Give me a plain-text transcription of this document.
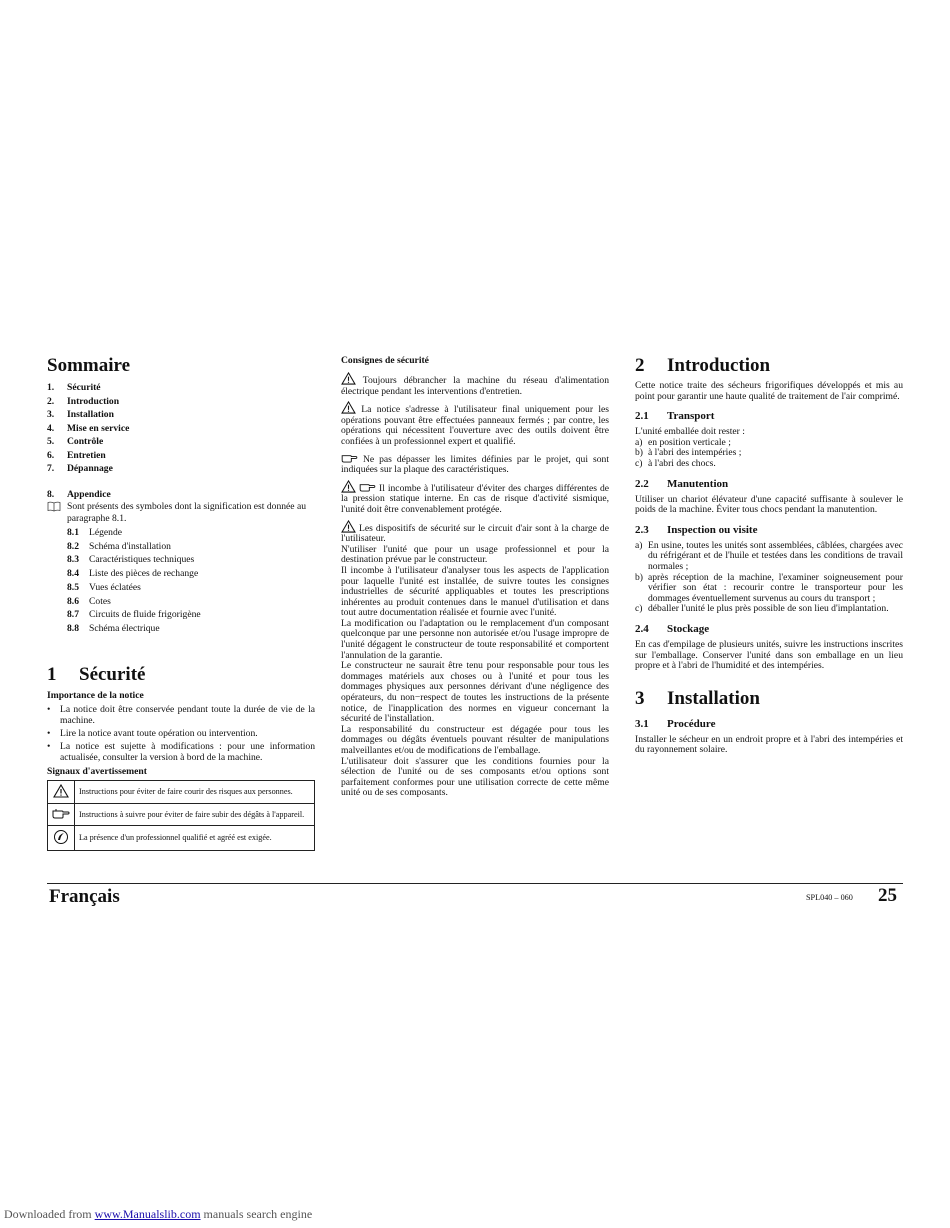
Sommaire
1.	Sécurité
2.	Introduction
3.	Installation
4.	Mise en service
5.	Contrôle
6.	Entretien
7.	Dépannage
8.	Appendice
Sont présents des symboles dont la signification est donnée au paragraphe 8.1.
8.1	Légende
8.2	Schéma d'installation
8.3	Caractéristiques techniques
8.4	Liste des pièces de rechange
8.5	Vues éclatées
8.6	Cotes
8.7	Circuits de fluide frigorigène
8.8	Schéma électrique
1	Sécurité
Importance de la notice
•	La notice doit être conservée pendant toute la durée de vie de la machine.
•	Lire la notice avant toute opération ou intervention.
•	La notice est sujette à modifications : pour une information actualisée, consulter la version à bord de la machine.
Signaux d'avertissement
	Instructions pour éviter de faire courir des risques aux personnes.
	Instructions à suivre pour éviter de faire subir des dégâts à l'appareil.
	La présence d'un professionnel qualifié et agréé est exigée.
Consignes de sécurité

Toujours débrancher la machine du réseau d'alimentation électrique pendant les interventions d'entretien.

La notice s'adresse à l'utilisateur final uniquement pour les opérations pouvant être effectuées panneaux fermés ; par contre, les opérations qui nécessitent l'ouverture avec des outils doivent être confiées à un professionnel expert et qualifié.

Ne pas dépasser les limites définies par le projet, qui sont indiquées sur la plaque des caractéristiques.

Il incombe à l'utilisateur d'éviter des charges différentes de la pression statique interne. En cas de risque d'activité sismique, l'unité doit être convenablement protégée.

Les dispositifs de sécurité sur le circuit d'air sont à la charge de l'utilisateur.

N'utiliser l'unité que pour un usage professionnel et pour la destination prévue par le constructeur.

Il incombe à l'utilisateur d'analyser tous les aspects de l'application pour laquelle l'unité est installée, de suivre toutes les consignes industrielles de sécurité appliquables et toutes les prescriptions inhérentes au produit contenues dans le manuel d'utilisation et dans tout autre documentation réalisée et fournie avec l'unité.

La modification ou l'adaptation ou le remplacement d'un composant quelconque par une personne non autorisée et/ou l'usage impropre de l'unité dégagent le constructeur de toute responsabilité et comportent l'annulation de la garantie.

Le constructeur ne saurait être tenu pour responsable pour tous les dommages matériels aux choses ou à l'unité et pour tous les dommages physiques aux personnes dérivant d'une négligence des opérateurs, du non−respect de toutes les instructions de la présente notice, de l'inapplication des normes en vigueur concernant la sécurité de l'installation.

La responsabilité du constructeur est dégagée pour tous les dommages ou dégâts éventuels pouvant résulter de manipulations malveillantes et/ou de modifications de l'emballage.

L'utilisateur doit s'assurer que les conditions fournies pour la sélection de l'unité ou de ses composants et/ou options sont parfaitement conformes pour une utilisation correcte de cette même unité ou de ses composants.

2	Introduction

Cette notice traite des sécheurs frigorifiques développés et mis au point pour garantir une haute qualité de traitement de l'air comprimé.

2.1	Transport

L'unité emballée doit rester :

a) en position verticale ;
b) à l'abri des intempéries ;
c) à l'abri des chocs.
2.2	Manutention

Utiliser un chariot élévateur d'une capacité suffisante à soulever le poids de la machine. Éviter tous chocs pendant la manutention.

2.3	Inspection ou visite
a) En usine, toutes les unités sont assemblées, câblées, chargées avec du réfrigérant et de l'huile et testées dans les conditions de travail normales ;
b) après réception de la machine, l'examiner soigneusement pour vérifier son état : recourir contre le transporteur pour les dommages éventuellement survenus au cours du transport ;
c) déballer l'unité le plus près possible de son lieu d'implantation.
2.4	Stockage

En cas d'empilage de plusieurs unités, suivre les instructions inscrites sur l'emballage. Conserver l'unité dans son emballage en un lieu propre et à l'abri de l'humidité et des intempéries.

3	Installation
3.1	Procédure

Installer le sécheur en un endroit propre et à l'abri des intempéries et du rayonnement solaire.

Français	SPL040 – 060 25
Downloaded from www.Manualslib.com manuals search engine
